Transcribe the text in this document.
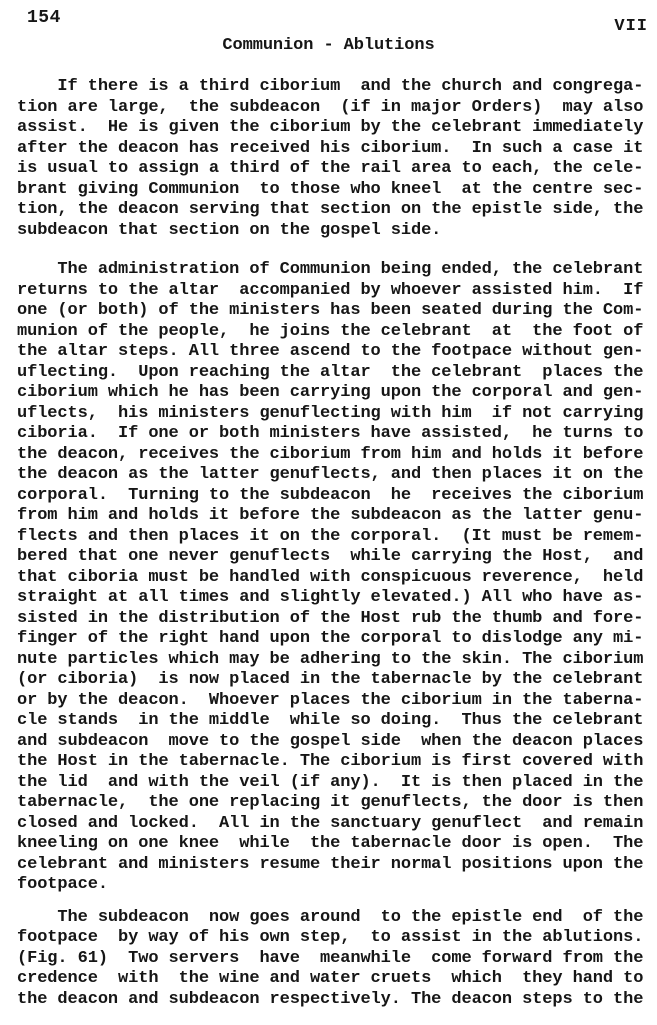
154	VII
Communion - Ablutions
If there is a third ciborium  and the church and congrega-
tion are large,  the subdeacon  (if in major Orders)  may also
assist.  He is given the ciborium by the celebrant immediately
after the deacon has received his ciborium.  In such a case it
is usual to assign a third of the rail area to each, the cele-
brant giving Communion  to those who kneel  at the centre sec-
tion, the deacon serving that section on the epistle side, the
subdeacon that section on the gospel side.
The administration of Communion being ended, the celebrant
returns to the altar  accompanied by whoever assisted him.  If
one (or both) of the ministers has been seated during the Com-
munion of the people,  he joins the celebrant  at  the foot of
the altar steps. All three ascend to the footpace without gen-
uflecting.  Upon reaching the altar  the celebrant  places the
ciborium which he has been carrying upon the corporal and gen-
uflects,  his ministers genuflecting with him  if not carrying
ciboria.  If one or both ministers have assisted,  he turns to
the deacon, receives the ciborium from him and holds it before
the deacon as the latter genuflects, and then places it on the
corporal.  Turning to the subdeacon  he  receives the ciborium
from him and holds it before the subdeacon as the latter genu-
flects and then places it on the corporal.  (It must be remem-
bered that one never genuflects  while carrying the Host,  and
that ciboria must be handled with conspicuous reverence,  held
straight at all times and slightly elevated.) All who have as-
sisted in the distribution of the Host rub the thumb and fore-
finger of the right hand upon the corporal to dislodge any mi-
nute particles which may be adhering to the skin. The ciborium
(or ciboria)  is now placed in the tabernacle by the celebrant
or by the deacon.  Whoever places the ciborium in the taberna-
cle stands  in the middle  while so doing.  Thus the celebrant
and subdeacon  move to the gospel side  when the deacon places
the Host in the tabernacle. The ciborium is first covered with
the lid  and with the veil (if any).  It is then placed in the
tabernacle,  the one replacing it genuflects, the door is then
closed and locked.  All in the sanctuary genuflect  and remain
kneeling on one knee  while  the tabernacle door is open.  The
celebrant and ministers resume their normal positions upon the
footpace.
The subdeacon  now goes around  to the epistle end  of the
footpace  by way of his own step,  to assist in the ablutions.
(Fig. 61)  Two servers  have  meanwhile  come forward from the
credence  with  the wine and water cruets  which  they hand to
the deacon and subdeacon respectively. The deacon steps to the
